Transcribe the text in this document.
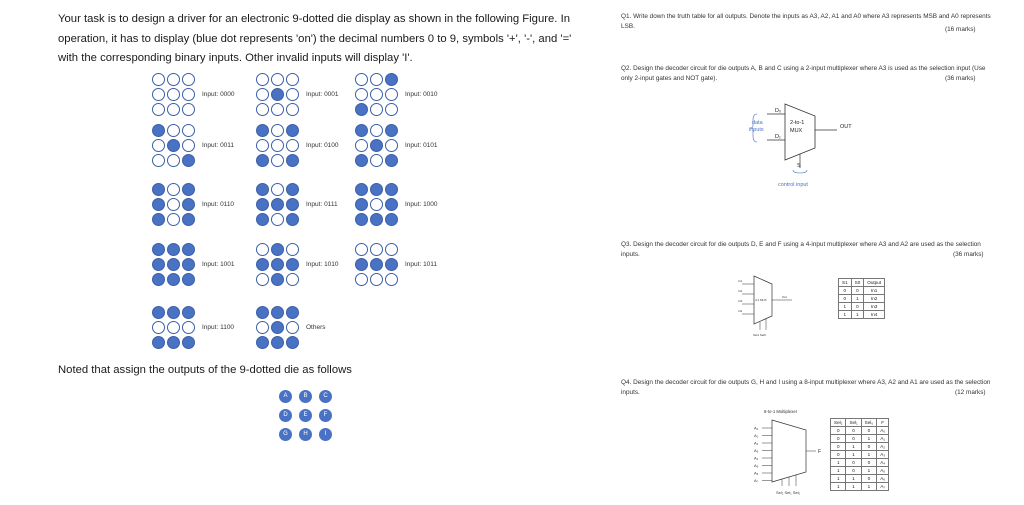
Your task is to design a driver for an electronic 9-dotted die display as shown in the following Figure. In operation, it has to display (blue dot represents 'on') the decimal numbers 0 to 9, symbols '+', '-', and '=' with the corresponding binary inputs. Other invalid inputs will display 'I'.
Input: 0000	Input: 0001	Input: 0010
Input: 0011	Input: 0100	Input: 0101
Input: 0110	Input: 0111	Input: 1000
Input: 1001	Input: 1010	Input: 1011
Input: 1100	Others
Noted that assign the outputs of the 9-dotted die as follows
A	B	C
D	E	F
G	H	I
Q1. Write down the truth table for all outputs. Denote the inputs as A3, A2, A1 and A0 where A3 represents MSB and A0 represents LSB.	(16 marks)
Q2. Design the decoder circuit for die outputs A, B and C using a 2-input multiplexer where A3 is used as the selection input (Use only 2-input gates and NOT gate).	(36 marks)
D₀
D₁
2-to-1
MUX
OUT
data
inputs
S
control input
Q3. Design the decoder circuit for die outputs D, E and F using a 4-input multiplexer where A3 and A2 are used as the selection inputs.	(36 marks)
In1
In2
In3
In4
4:1 MUX
Out
Sel1 Sel0
S1	S0	Output
0	0	In1
0	1	In2
1	0	In3
1	1	In4
Q4. Design the decoder circuit for die outputs G, H and I using a 8-input multiplexer where A3, A2 and A1 are used as the selection inputs.	(12 marks)
8-to-1 Multiplexer
A₀
A₁
A₂
A₃
A₄
A₅
A₆
A₇
F
Sel₂ Sel₁ Sel₀
Sel₂	Sel₁	Sel₀	F
0	0	0	A₀
0	0	1	A₁
0	1	0	A₂
0	1	1	A₃
1	0	0	A₄
1	0	1	A₅
1	1	0	A₆
1	1	1	A₇
